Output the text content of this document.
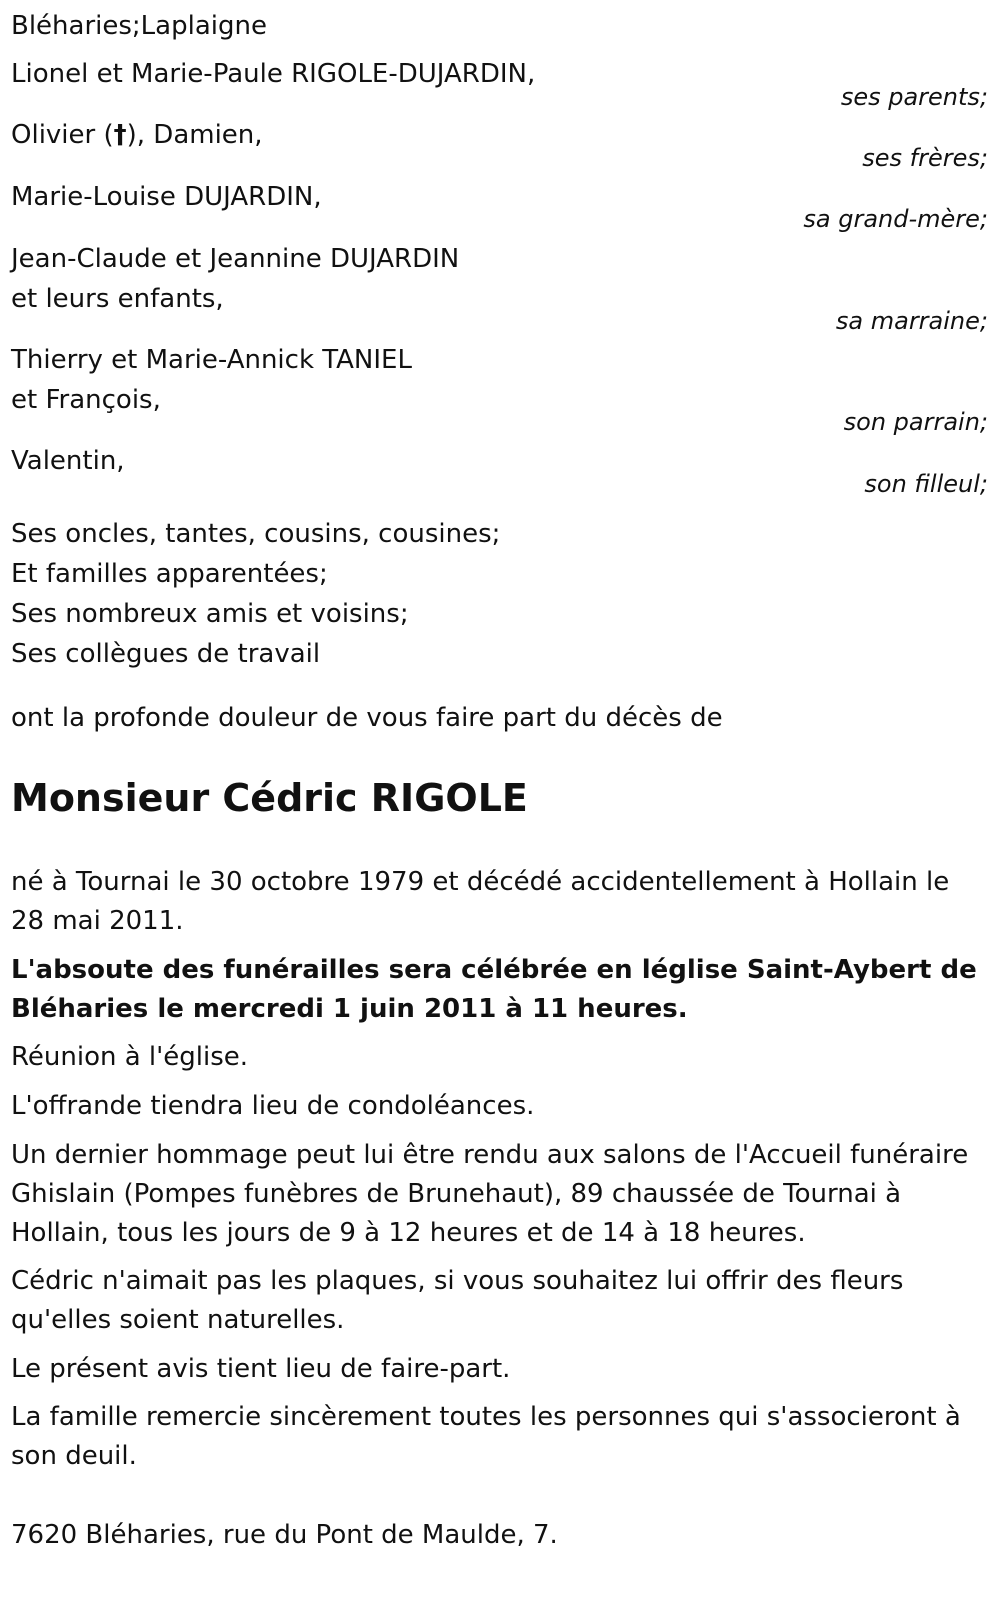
Bléharies;Laplaigne
Lionel et Marie-Paule RIGOLE-DUJARDIN,
ses parents;
Olivier (†), Damien,
ses frères;
Marie-Louise DUJARDIN,
sa grand-mère;
Jean-Claude et Jeannine DUJARDIN
et leurs enfants,
sa marraine;
Thierry et Marie-Annick TANIEL
et François,
son parrain;
Valentin,
son filleul;
Ses oncles, tantes, cousins, cousines;
Et familles apparentées;
Ses nombreux amis et voisins;
Ses collègues de travail
ont la profonde douleur de vous faire part du décès de
Monsieur Cédric RIGOLE
né à Tournai le 30 octobre 1979 et décédé accidentellement à Hollain le 28 mai 2011.
L'absoute des funérailles sera célébrée en léglise Saint-Aybert de Bléharies le mercredi 1 juin 2011 à 11 heures.
Réunion à l'église.
L'offrande tiendra lieu de condoléances.
Un dernier hommage peut lui être rendu aux salons de l'Accueil funéraire Ghislain (Pompes funèbres de Brunehaut), 89 chaussée de Tournai à Hollain, tous les jours de 9 à 12 heures et de 14 à 18 heures.
Cédric n'aimait pas les plaques, si vous souhaitez lui offrir des fleurs qu'elles soient naturelles.
Le présent avis tient lieu de faire-part.
La famille remercie sincèrement toutes les personnes qui s'associeront à son deuil.
7620 Bléharies, rue du Pont de Maulde, 7.
